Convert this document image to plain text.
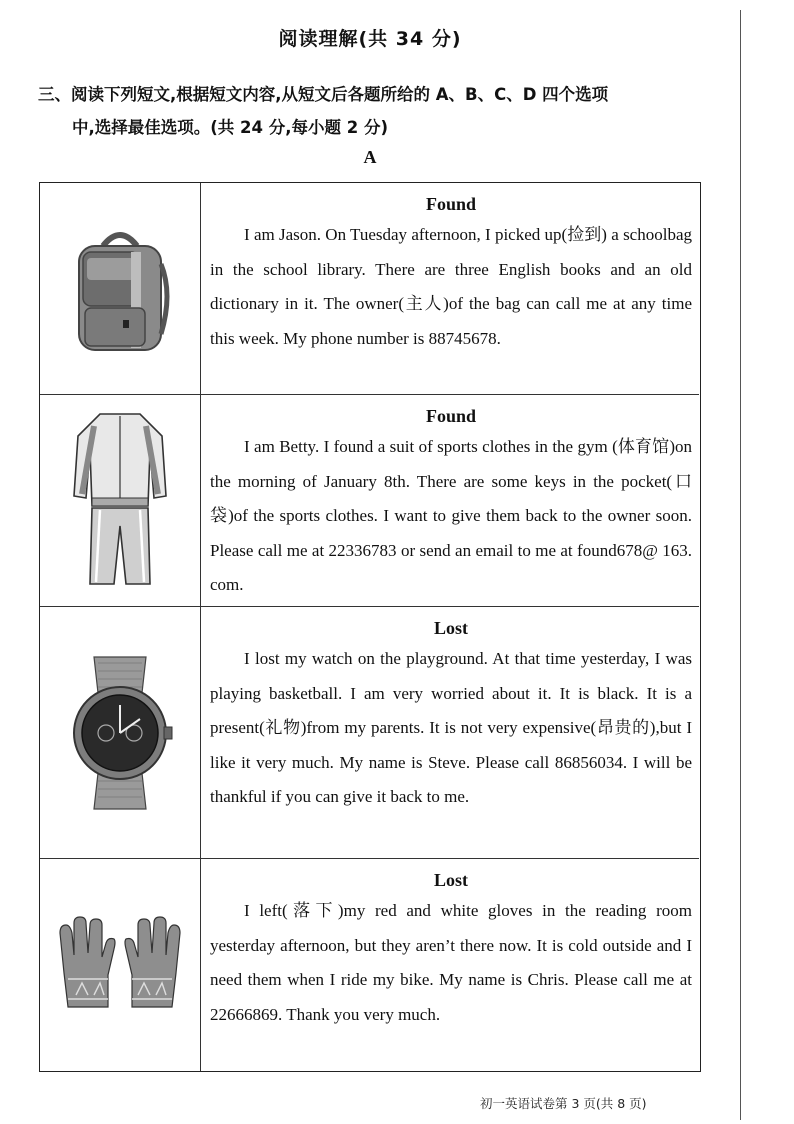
阅读理解(共 34 分)
三、阅读下列短文,根据短文内容,从短文后各题所给的 A、B、C、D 四个选项
中,选择最佳选项。(共 24 分,每小题 2 分)
A
Found

I am Jason. On Tuesday afternoon, I picked up(捡到) a schoolbag in the school library. There are three English books and an old dictionary in it. The owner(主人)of the bag can call me at any time this week. My phone number is 88745678.

Found

I am Betty. I found a suit of sports clothes in the gym (体育馆)on the morning of January 8th. There are some keys in the pocket(口袋)of the sports clothes. I want to give them back to the owner soon. Please call me at 22336783 or send an email to me at found678@ 163. com.

Lost

I lost my watch on the playground. At that time yesterday, I was playing basketball. I am very worried about it. It is black. It is a present(礼物)from my parents. It is not very expensive(昂贵的),but I like it very much. My name is Steve. Please call 86856034. I will be thankful if you can give it back to me.

Lost

I left(落下)my red and white gloves in the reading room yesterday afternoon, but they aren’t there now. It is cold outside and I need them when I ride my bike. My name is Chris. Please call me at 22666869. Thank you very much.

初一英语试卷第 3 页(共 8 页)
